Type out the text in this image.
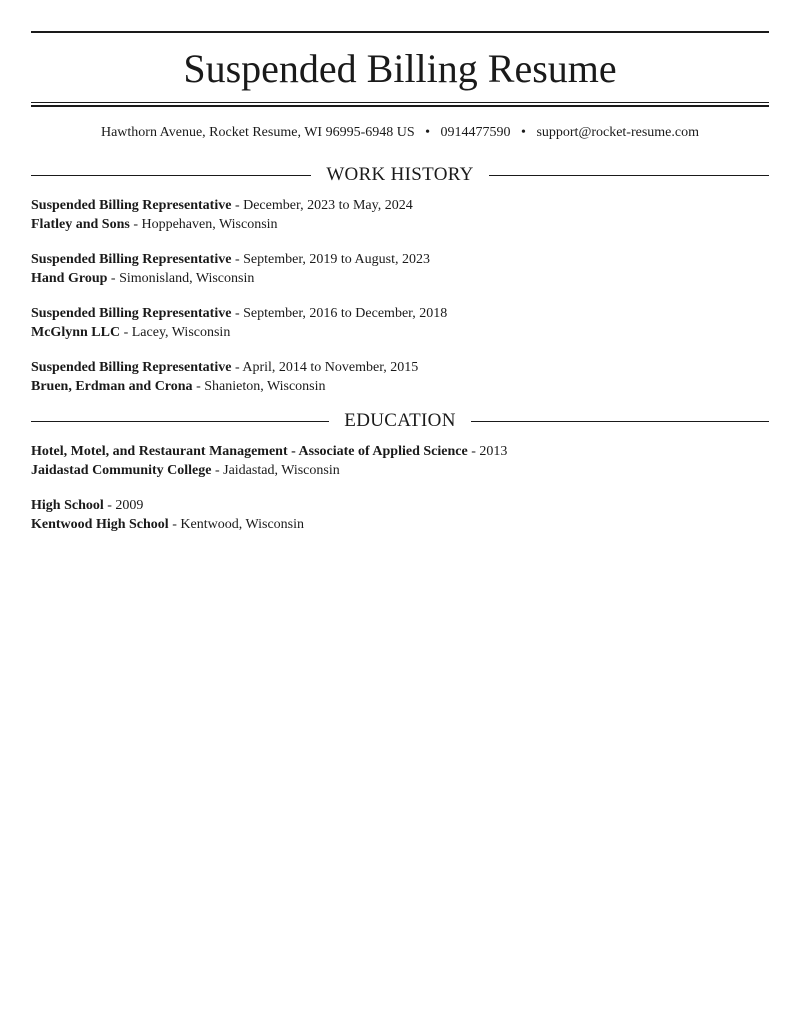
Suspended Billing Resume
Hawthorn Avenue, Rocket Resume, WI 96995-6948 US • 0914477590 • support@rocket-resume.com
WORK HISTORY
Suspended Billing Representative - December, 2023 to May, 2024
Flatley and Sons - Hoppehaven, Wisconsin
Suspended Billing Representative - September, 2019 to August, 2023
Hand Group - Simonisland, Wisconsin
Suspended Billing Representative - September, 2016 to December, 2018
McGlynn LLC - Lacey, Wisconsin
Suspended Billing Representative - April, 2014 to November, 2015
Bruen, Erdman and Crona - Shanieton, Wisconsin
EDUCATION
Hotel, Motel, and Restaurant Management - Associate of Applied Science - 2013
Jaidastad Community College - Jaidastad, Wisconsin
High School - 2009
Kentwood High School - Kentwood, Wisconsin
